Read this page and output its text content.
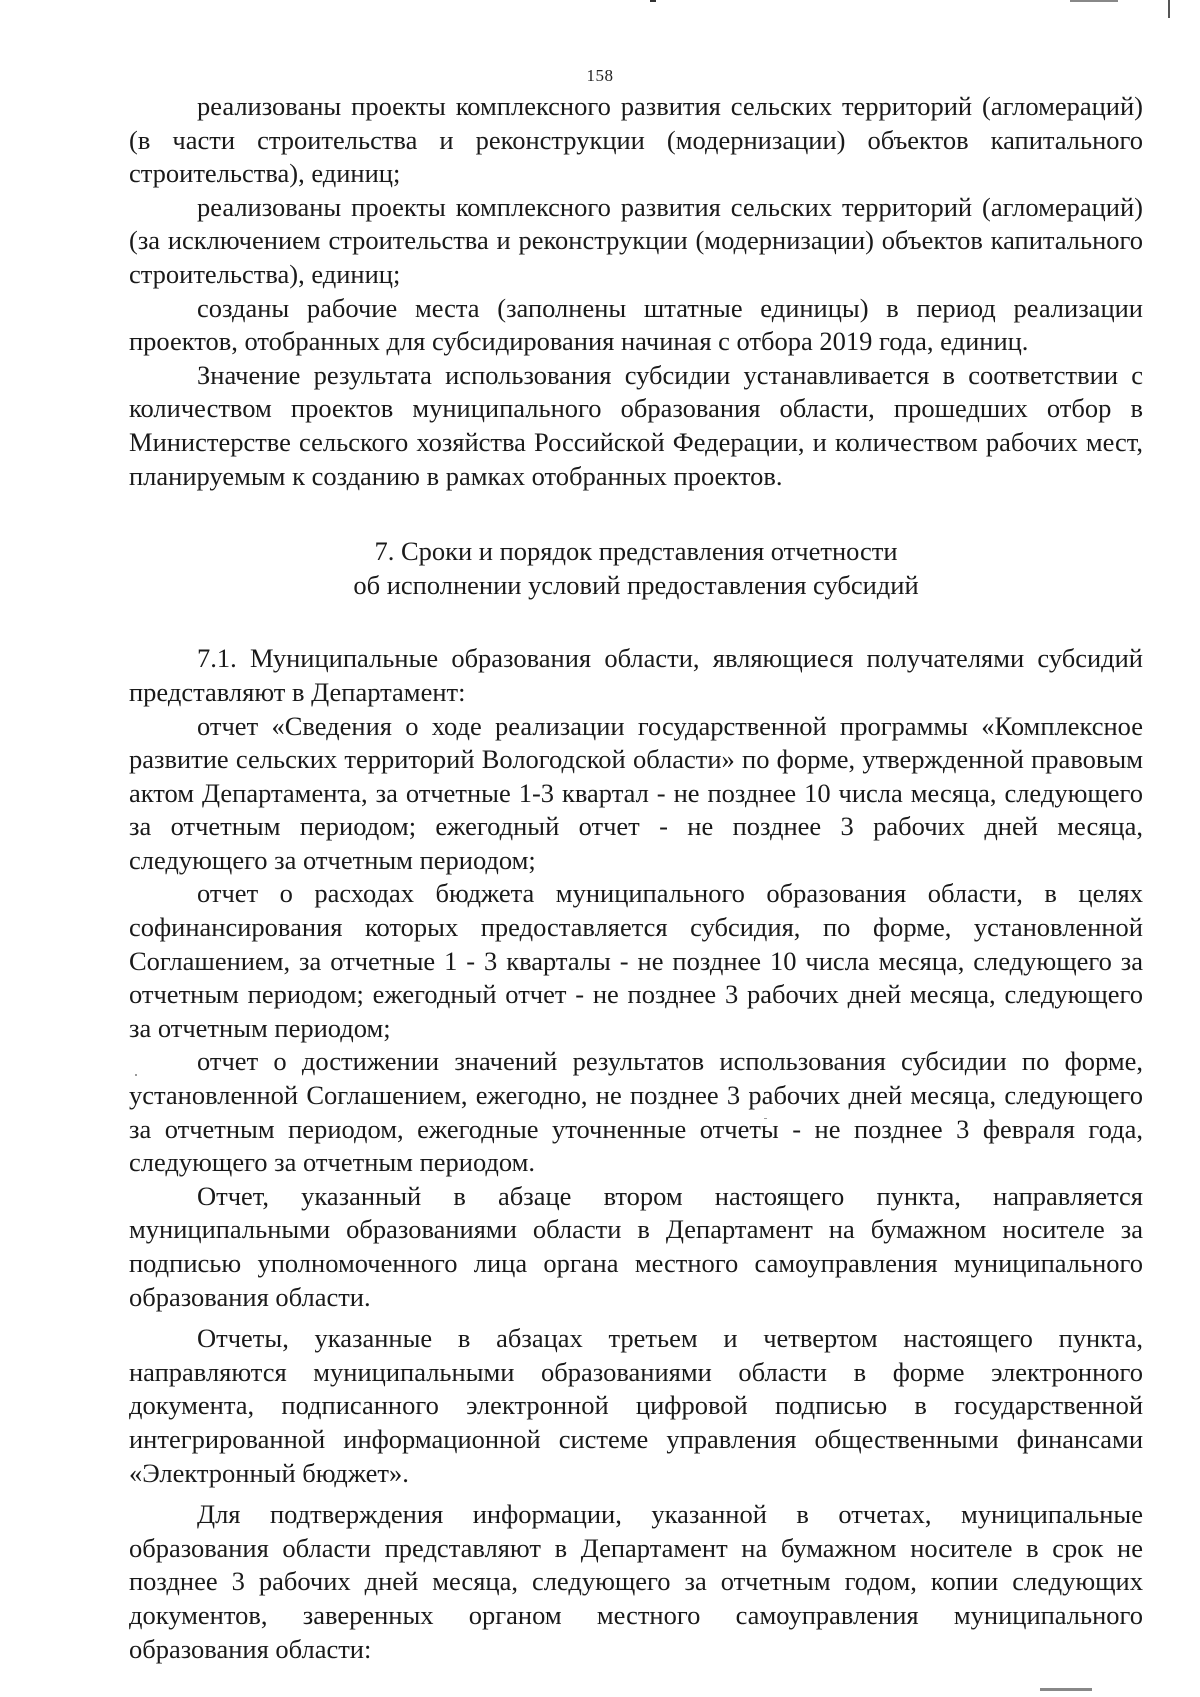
158

реализованы проекты комплексного развития сельских территорий (агломераций) (в части строительства и реконструкции (модернизации) объектов капитального строительства), единиц;

реализованы проекты комплексного развития сельских территорий (агломераций) (за исключением строительства и реконструкции (модернизации) объектов капитального строительства), единиц;

созданы рабочие места (заполнены штатные единицы) в период реализации проектов, отобранных для субсидирования начиная с отбора 2019 года, единиц.

Значение результата использования субсидии устанавливается в соответствии с количеством проектов муниципального образования области, прошедших отбор в Министерстве сельского хозяйства Российской Федерации, и количеством рабочих мест, планируемым к созданию в рамках отобранных проектов.

7. Сроки и порядок представления отчетности
об исполнении условий предоставления субсидий

7.1. Муниципальные образования области, являющиеся получателями субсидий представляют в Департамент:

отчет «Сведения о ходе реализации государственной программы «Комплексное развитие сельских территорий Вологодской области» по форме, утвержденной правовым актом Департамента, за отчетные 1-3 квартал - не позднее 10 числа месяца, следующего за отчетным периодом; ежегодный отчет - не позднее 3 рабочих дней месяца, следующего за отчетным периодом;

отчет о расходах бюджета муниципального образования области, в целях софинансирования которых предоставляется субсидия, по форме, установленной Соглашением, за отчетные 1 - 3 кварталы - не позднее 10 числа месяца, следующего за отчетным периодом; ежегодный отчет - не позднее 3 рабочих дней месяца, следующего за отчетным периодом;

отчет о достижении значений результатов использования субсидии по форме, установленной Соглашением, ежегодно, не позднее 3 рабочих дней месяца, следующего за отчетным периодом, ежегодные уточненные отчеты - не позднее 3 февраля года, следующего за отчетным периодом.

Отчет, указанный в абзаце втором настоящего пункта, направляется муниципальными образованиями области в Департамент на бумажном носителе за подписью уполномоченного лица органа местного самоуправления муниципального образования области.

Отчеты, указанные в абзацах третьем и четвертом настоящего пункта, направляются муниципальными образованиями области в форме электронного документа, подписанного электронной цифровой подписью в государственной интегрированной информационной системе управления общественными финансами «Электронный бюджет».

Для подтверждения информации, указанной в отчетах, муниципальные образования области представляют в Департамент на бумажном носителе в срок не позднее 3 рабочих дней месяца, следующего за отчетным годом, копии следующих документов, заверенных органом местного самоуправления муниципального образования области:
